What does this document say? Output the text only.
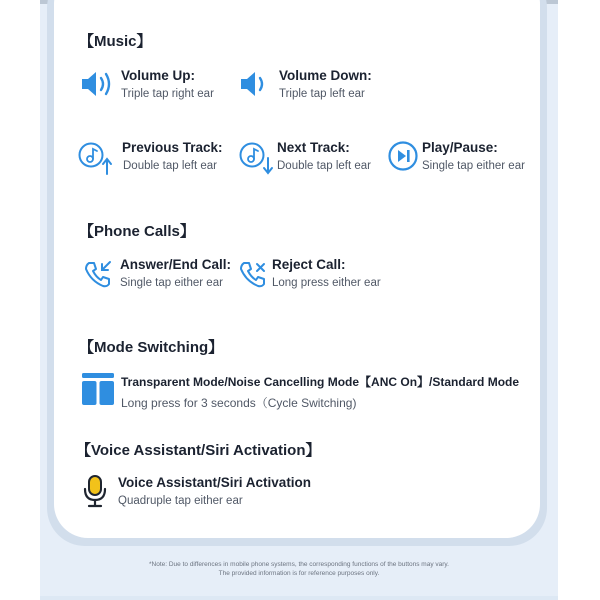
【Music】
Volume Up:
Triple tap right ear
Volume Down:
Triple tap left ear
Previous Track:
Double tap left ear
Next Track:
Double tap left ear
Play/Pause:
Single tap either ear
【Phone Calls】
Answer/End Call:
Single tap either ear
Reject Call:
Long press either ear
【Mode Switching】
Transparent Mode/Noise Cancelling Mode【ANC On】/Standard Mode
Long press for 3 seconds（Cycle Switching)
【Voice Assistant/Siri Activation】
Voice Assistant/Siri Activation
Quadruple tap either ear
*Note: Due to differences in mobile phone systems, the corresponding functions of the buttons may vary.
The provided information is for reference purposes only.
